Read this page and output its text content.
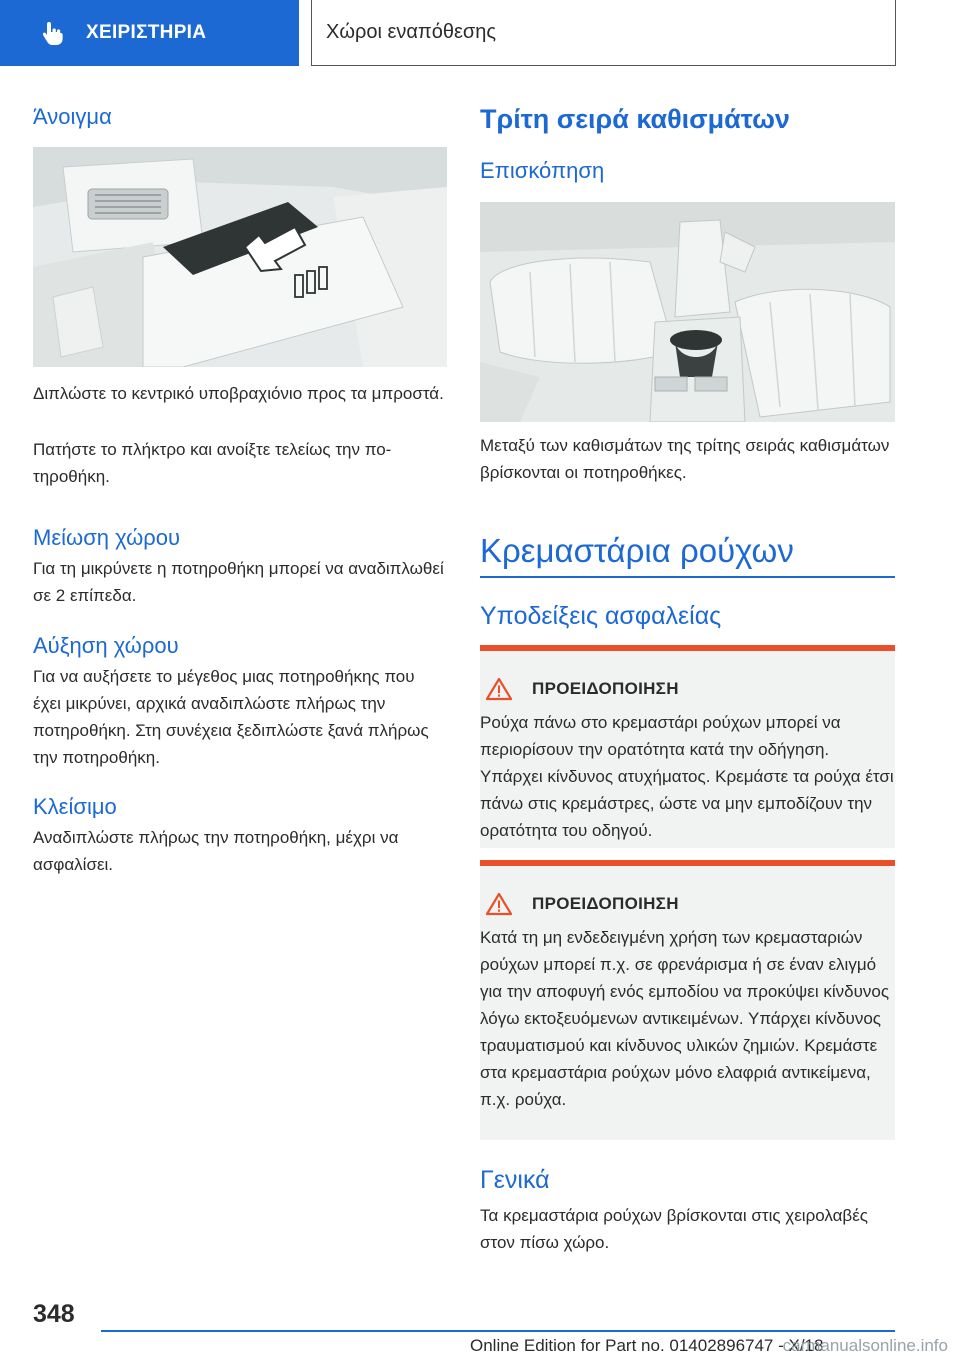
ΧΕΙΡΙΣΤΗΡΙΑ	Χώροι εναπόθεσης
Άνοιγμα

Διπλώστε το κεντρικό υποβραχιόνιο προς τα μπροστά.

Πατήστε το πλήκτρο και ανοίξτε τελείως την ποτηροθήκη.

Μείωση χώρου

Για τη μικρύνετε η ποτηροθήκη μπορεί να αναδιπλωθεί σε 2 επίπεδα.

Αύξηση χώρου

Για να αυξήσετε το μέγεθος μιας ποτηροθήκης που έχει μικρύνει, αρχικά αναδιπλώστε πλήρως την ποτηροθήκη. Στη συνέχεια ξεδιπλώστε ξανά πλήρως την ποτηροθήκη.

Κλείσιμο

Αναδιπλώστε πλήρως την ποτηροθήκη, μέχρι να ασφαλίσει.

Τρίτη σειρά καθισμάτων
Επισκόπηση

Μεταξύ των καθισμάτων της τρίτης σειράς καθισμάτων βρίσκονται οι ποτηροθήκες.

Κρεμαστάρια ρούχων
Υποδείξεις ασφαλείας
ΠΡΟΕΙΔΟΠΟΙΗΣΗ

Ρούχα πάνω στο κρεμαστάρι ρούχων μπορεί να περιορίσουν την ορατότητα κατά την οδήγηση. Υπάρχει κίνδυνος ατυχήματος. Κρεμάστε τα ρούχα έτσι πάνω στις κρεμάστρες, ώστε να μην εμποδίζουν την ορατότητα του οδηγού.

ΠΡΟΕΙΔΟΠΟΙΗΣΗ

Κατά τη μη ενδεδειγμένη χρήση των κρεμασταριών ρούχων μπορεί π.χ. σε φρενάρισμα ή σε έναν ελιγμό για την αποφυγή ενός εμποδίου να προκύψει κίνδυνος λόγω εκτοξευόμενων αντικειμένων. Υπάρχει κίνδυνος τραυματισμού και κίνδυνος υλικών ζημιών. Κρεμάστε στα κρεμαστάρια ρούχων μόνο ελαφριά αντικείμενα, π.χ. ρούχα.

Γενικά

Τα κρεμαστάρια ρούχων βρίσκονται στις χειρολαβές στον πίσω χώρο.

348
Online Edition for Part no. 01402896747 - X/18
carmanualsonline.info
